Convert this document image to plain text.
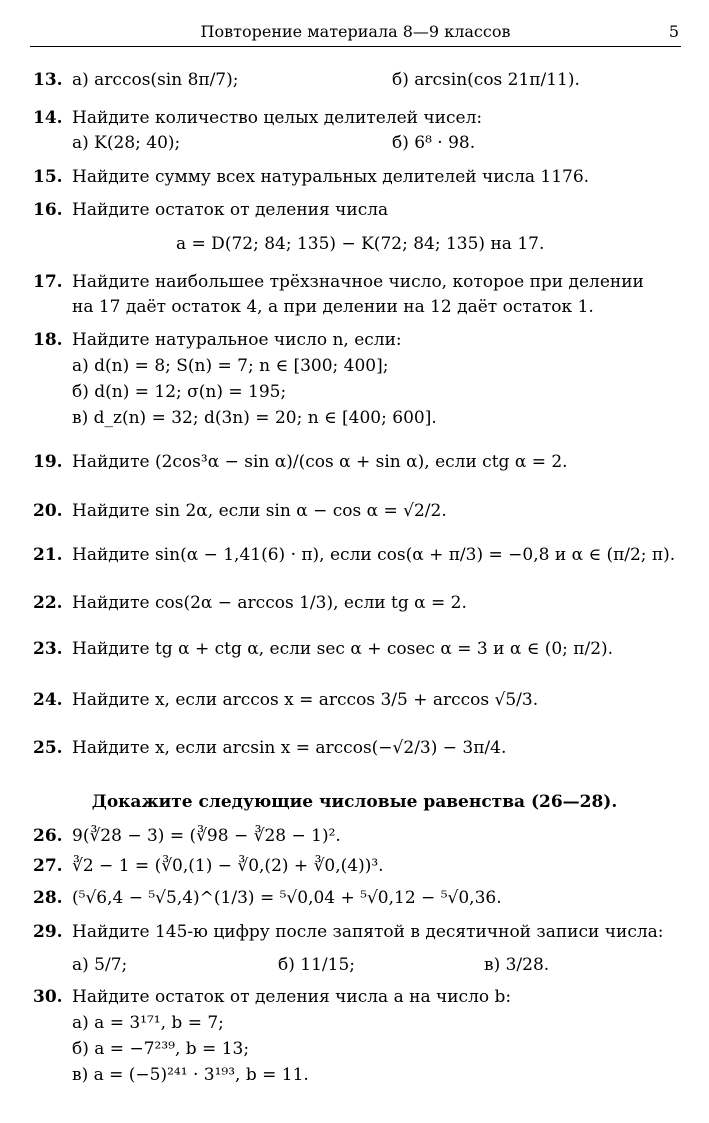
Повторение материала 8—9 классов	5
13. а) arccos(sin 8π/7);	б) arcsin(cos 21π/11).
14. Найдите количество целых делителей чисел:
а) K(28; 40);	б) 6⁸ · 98.
15. Найдите сумму всех натуральных делителей числа 1176.
16. Найдите остаток от деления числа
a = D(72; 84; 135) − K(72; 84; 135) на 17.
17. Найдите наибольшее трёхзначное число, которое при делении
на 17 даёт остаток 4, а при делении на 12 даёт остаток 1.
18. Найдите натуральное число n, если:
а) d(n) = 8; S(n) = 7; n ∈ [300; 400];
б) d(n) = 12; σ(n) = 195;
в) d_z(n) = 32; d(3n) = 20; n ∈ [400; 600].
19. Найдите (2cos³α − sin α)/(cos α + sin α), если ctg α = 2.
20. Найдите sin 2α, если sin α − cos α = √2/2.
21. Найдите sin(α − 1,41(6) · π), если cos(α + π/3) = −0,8 и α ∈ (π/2; π).
22. Найдите cos(2α − arccos 1/3), если tg α = 2.
23. Найдите tg α + ctg α, если sec α + cosec α = 3 и α ∈ (0; π/2).
24. Найдите x, если arccos x = arccos 3/5 + arccos √5/3.
25. Найдите x, если arcsin x = arccos(−√2/3) − 3π/4.
Докажите следующие числовые равенства (26—28).
26. 9(∛28 − 3) = (∛98 − ∛28 − 1)².
27. ∛2 − 1 = (∛0,(1) − ∛0,(2) + ∛0,(4))³.
28. (⁵√6,4 − ⁵√5,4)^(1/3) = ⁵√0,04 + ⁵√0,12 − ⁵√0,36.
29. Найдите 145-ю цифру после запятой в десятичной записи числа:
а) 5/7;	б) 11/15;	в) 3/28.
30. Найдите остаток от деления числа a на число b:
а) a = 3¹⁷¹, b = 7;
б) a = −7²³⁹, b = 13;
в) a = (−5)²⁴¹ · 3¹⁹³, b = 11.
